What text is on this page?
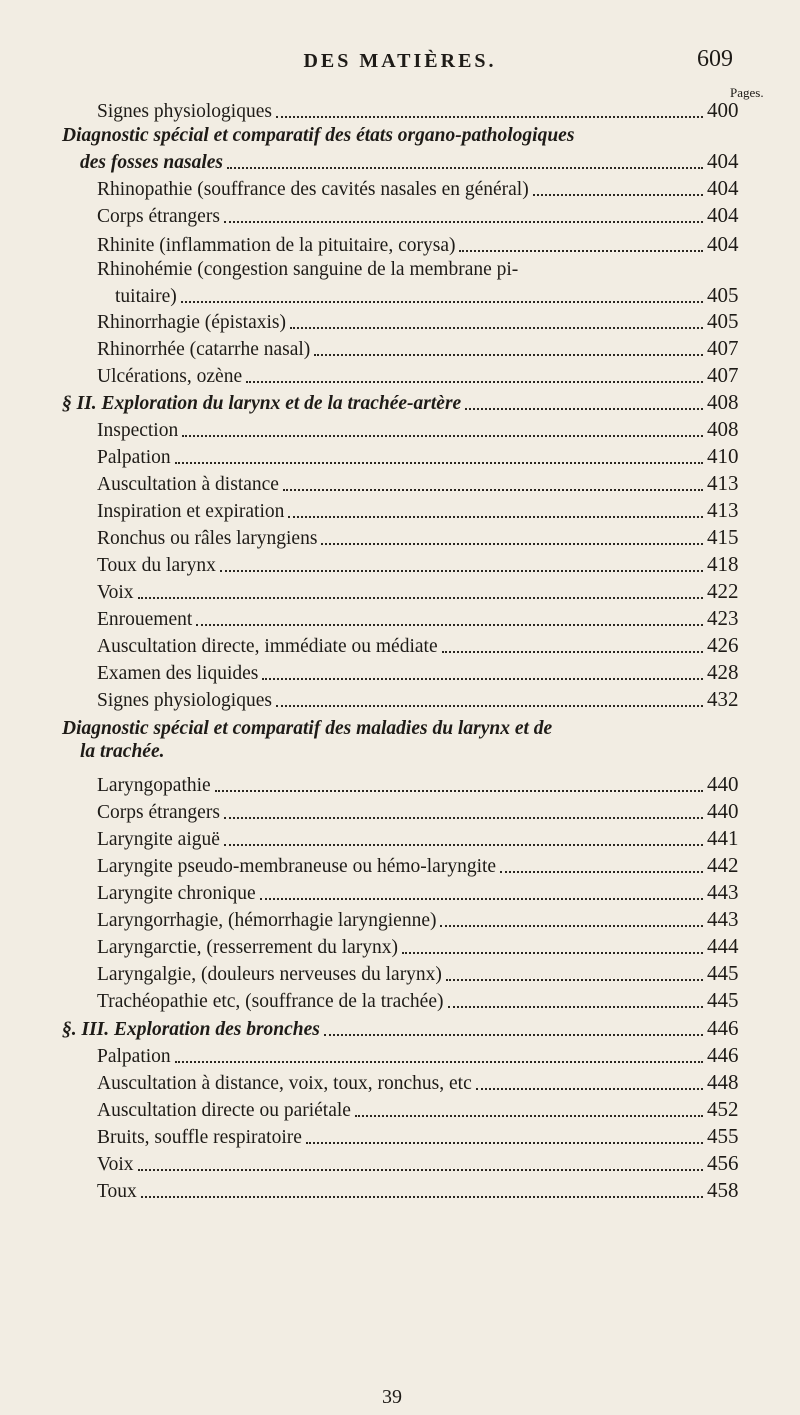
DES MATIÈRES.	609
Pages.
Signes physiologiques	400
Diagnostic spécial et comparatif des états organo-pathologiques
des fosses nasales	404
Rhinopathie (souffrance des cavités nasales en général)	404
Corps étrangers	404
Rhinite (inflammation de la pituitaire, corysa)	404
Rhinohémie (congestion sanguine de la membrane pi-
tuitaire)	405
Rhinorrhagie (épistaxis)	405
Rhinorrhée (catarrhe nasal)	407
Ulcérations, ozène	407
§ II. Exploration du larynx et de la trachée-artère	408
Inspection	408
Palpation	410
Auscultation à distance	413
Inspiration et expiration	413
Ronchus ou râles laryngiens	415
Toux du larynx	418
Voix	422
Enrouement	423
Auscultation directe, immédiate ou médiate	426
Examen des liquides	428
Signes physiologiques	432
Diagnostic spécial et comparatif des maladies du larynx et de
la trachée.
Laryngopathie	440
Corps étrangers	440
Laryngite aiguë	441
Laryngite pseudo-membraneuse ou hémo-laryngite	442
Laryngite chronique	443
Laryngorrhagie, (hémorrhagie laryngienne)	443
Laryngarctie, (resserrement du larynx)	444
Laryngalgie, (douleurs nerveuses du larynx)	445
Trachéopathie etc, (souffrance de la trachée)	445
§. III. Exploration des bronches	446
Palpation	446
Auscultation à distance, voix, toux, ronchus, etc	448
Auscultation directe ou pariétale	452
Bruits, souffle respiratoire	455
Voix	456
Toux	458
39
